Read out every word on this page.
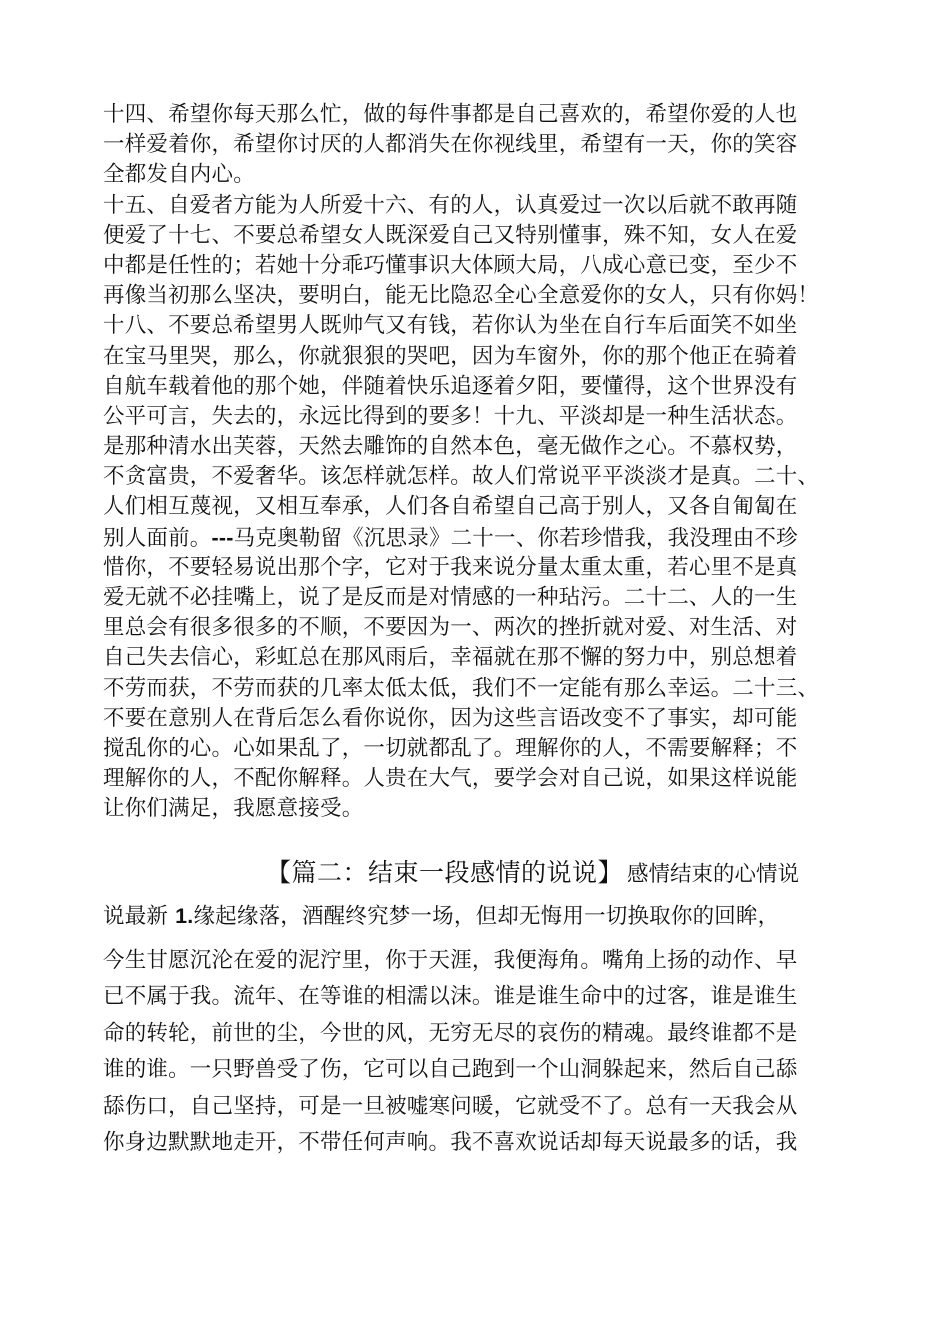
十四、希望你每天那么忙，做的每件事都是自己喜欢的，希望你爱的人也
一样爱着你，希望你讨厌的人都消失在你视线里，希望有一天，你的笑容
全都发自内心。
十五、自爱者方能为人所爱十六、有的人，认真爱过一次以后就不敢再随
便爱了十七、不要总希望女人既深爱自己又特别懂事，殊不知，女人在爱
中都是任性的；若她十分乖巧懂事识大体顾大局，八成心意已变，至少不
再像当初那么坚决，要明白，能无比隐忍全心全意爱你的女人，只有你妈！
十八、不要总希望男人既帅气又有钱，若你认为坐在自行车后面笑不如坐
在宝马里哭，那么，你就狠狠的哭吧，因为车窗外，你的那个他正在骑着
自航车载着他的那个她，伴随着快乐追逐着夕阳，要懂得，这个世界没有
公平可言，失去的，永远比得到的要多！十九、平淡却是一种生活状态。
是那种清水出芙蓉，天然去雕饰的自然本色，毫无做作之心。不慕权势，
不贪富贵，不爱奢华。该怎样就怎样。故人们常说平平淡淡才是真。二十、
人们相互蔑视，又相互奉承，人们各自希望自己高于别人，又各自匍匐在
别人面前。---马克奥勒留《沉思录》二十一、你若珍惜我，我没理由不珍
惜你，不要轻易说出那个字，它对于我来说分量太重太重，若心里不是真
爱无就不必挂嘴上，说了是反而是对情感的一种玷污。二十二、人的一生
里总会有很多很多的不顺，不要因为一、两次的挫折就对爱、对生活、对
自己失去信心，彩虹总在那风雨后，幸福就在那不懈的努力中，别总想着
不劳而获，不劳而获的几率太低太低，我们不一定能有那么幸运。二十三、
不要在意别人在背后怎么看你说你，因为这些言语改变不了事实，却可能
搅乱你的心。心如果乱了，一切就都乱了。理解你的人，不需要解释；不
理解你的人，不配你解释。人贵在大气，要学会对自己说，如果这样说能
让你们满足，我愿意接受。
【篇二：结束一段感情的说说】 感情结束的心情说
说最新 1.缘起缘落，酒醒终究梦一场，但却无悔用一切换取你的回眸，
今生甘愿沉沦在爱的泥泞里，你于天涯，我便海角。嘴角上扬的动作、早
已不属于我。流年、在等谁的相濡以沫。谁是谁生命中的过客，谁是谁生
命的转轮，前世的尘，今世的风，无穷无尽的哀伤的精魂。最终谁都不是
谁的谁。一只野兽受了伤，它可以自己跑到一个山洞躲起来，然后自己舔
舔伤口，自己坚持，可是一旦被嘘寒问暖，它就受不了。总有一天我会从
你身边默默地走开，不带任何声响。我不喜欢说话却每天说最多的话，我
